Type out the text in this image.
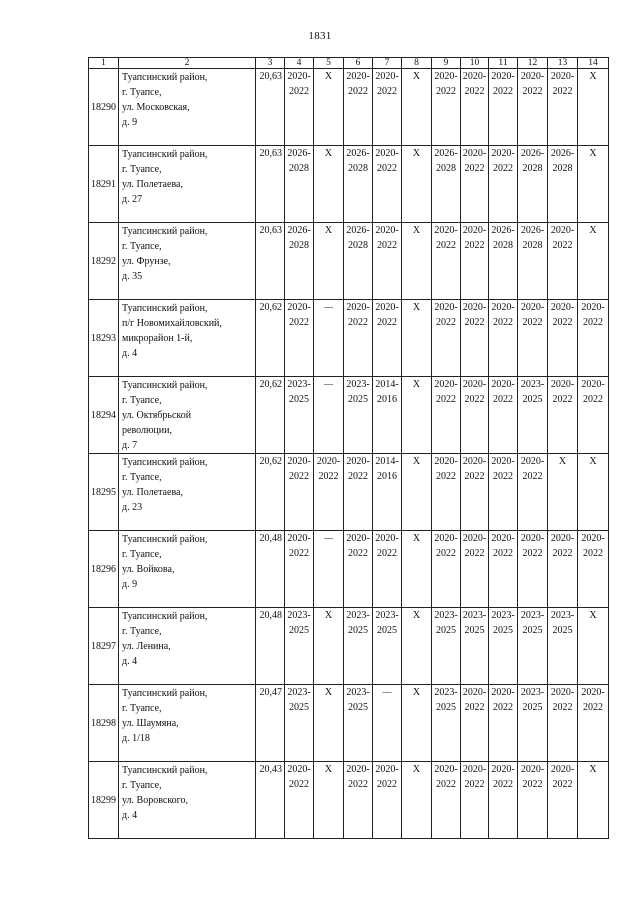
1831
1	2	3	4	5	6	7	8	9	10	11	12	13	14
18290	Туапсинский район,
г. Туапсе,
ул. Московская,
д. 9	20,63	2020-
2022	Х	2020-
2022	2020-
2022	Х	2020-
2022	2020-
2022	2020-
2022	2020-
2022	2020-
2022	Х

18291	Туапсинский район,
г. Туапсе,
ул. Полетаева,
д. 27	20,63	2026-
2028	Х	2026-
2028	2020-
2022	Х	2026-
2028	2020-
2022	2020-
2022	2026-
2028	2026-
2028	Х

18292	Туапсинский район,
г. Туапсе,
ул. Фрунзе,
д. 35	20,63	2026-
2028	Х	2026-
2028	2020-
2022	Х	2020-
2022	2020-
2022	2026-
2028	2026-
2028	2020-
2022	Х

18293	Туапсинский район,
п/г Новомихайловский,
микрорайон 1-й,
д. 4	20,62	2020-
2022	—	2020-
2022	2020-
2022	Х	2020-
2022	2020-
2022	2020-
2022	2020-
2022	2020-
2022	2020-
2022

18294	Туапсинский район,
г. Туапсе,
ул. Октябрьской
революции,
д. 7	20,62	2023-
2025	—	2023-
2025	2014-
2016	Х	2020-
2022	2020-
2022	2020-
2022	2023-
2025	2020-
2022	2020-
2022

18295	Туапсинский район,
г. Туапсе,
ул. Полетаева,
д. 23	20,62	2020-
2022	2020-
2022	2020-
2022	2014-
2016	Х	2020-
2022	2020-
2022	2020-
2022	2020-
2022	Х	Х

18296	Туапсинский район,
г. Туапсе,
ул. Войкова,
д. 9	20,48	2020-
2022	—	2020-
2022	2020-
2022	Х	2020-
2022	2020-
2022	2020-
2022	2020-
2022	2020-
2022	2020-
2022

18297	Туапсинский район,
г. Туапсе,
ул. Ленина,
д. 4	20,48	2023-
2025	Х	2023-
2025	2023-
2025	Х	2023-
2025	2023-
2025	2023-
2025	2023-
2025	2023-
2025	Х

18298	Туапсинский район,
г. Туапсе,
ул. Шаумяна,
д. 1/18	20,47	2023-
2025	Х	2023-
2025	—	Х	2023-
2025	2020-
2022	2020-
2022	2023-
2025	2020-
2022	2020-
2022

18299	Туапсинский район,
г. Туапсе,
ул. Воровского,
д. 4	20,43	2020-
2022	Х	2020-
2022	2020-
2022	Х	2020-
2022	2020-
2022	2020-
2022	2020-
2022	2020-
2022	Х
